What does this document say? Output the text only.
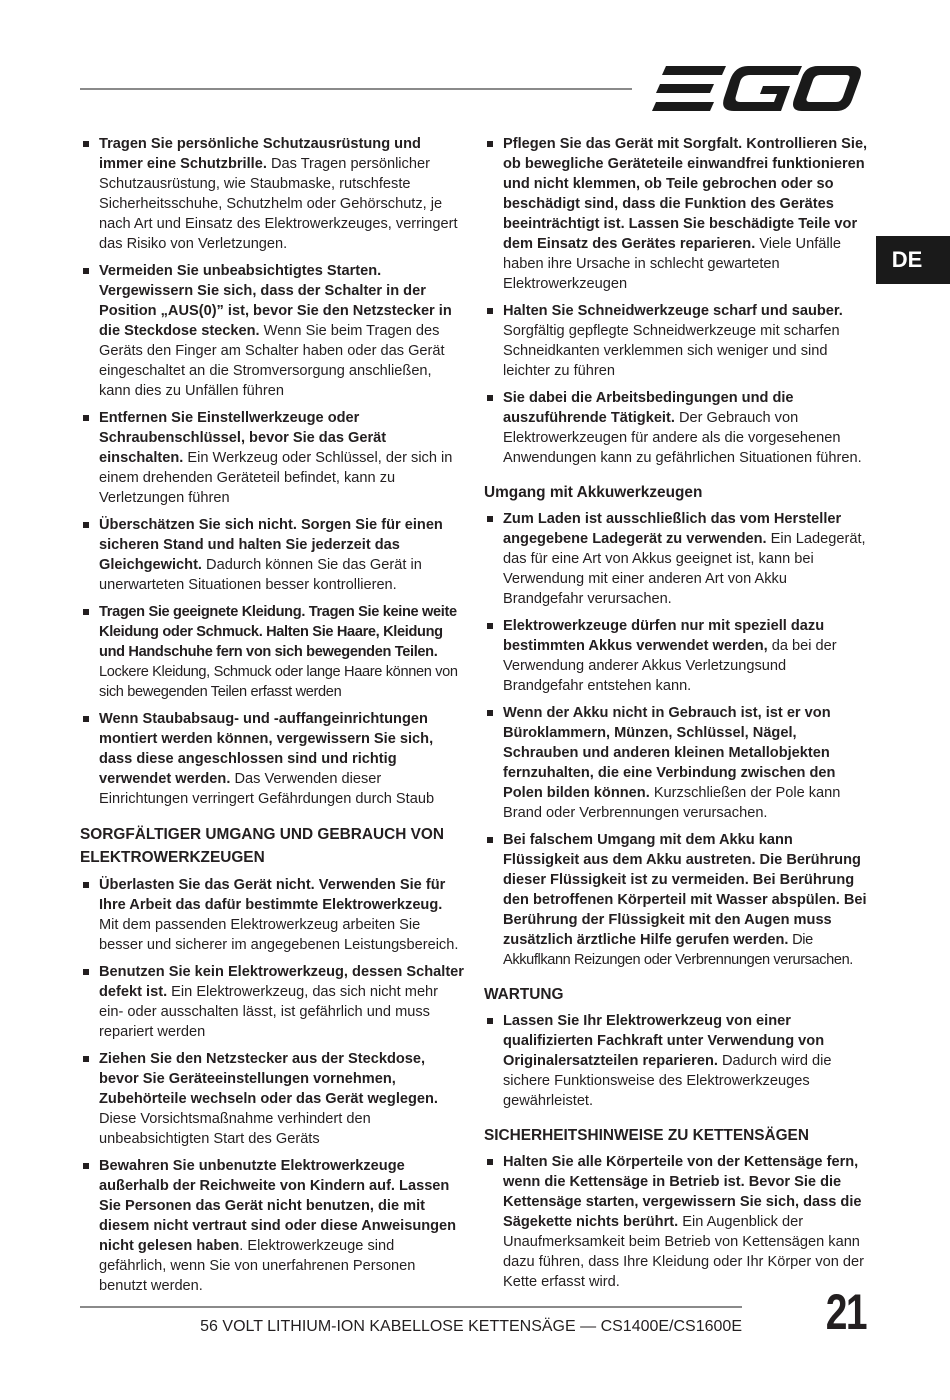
DE
Tragen Sie persönliche Schutzausrüstung und immer eine Schutzbrille. Das Tragen persönlicher Schutzausrüstung, wie Staubmaske, rutschfeste Sicherheitsschuhe, Schutzhelm oder Gehörschutz, je nach Art und Einsatz des Elektrowerkzeuges, verringert das Risiko von Verletzungen.
Vermeiden Sie unbeabsichtigtes Starten. Vergewissern Sie sich, dass der Schalter in der Position „AUS(0)” ist, bevor Sie den Netzstecker in die Steckdose stecken. Wenn Sie beim Tragen des Geräts den Finger am Schalter haben oder das Gerät eingeschaltet an die Stromversorgung anschließen, kann dies zu Unfällen führen
Entfernen Sie Einstellwerkzeuge oder Schraubenschlüssel, bevor Sie das Gerät einschalten. Ein Werkzeug oder Schlüssel, der sich in einem drehenden Geräteteil befindet, kann zu Verletzungen führen
Überschätzen Sie sich nicht. Sorgen Sie für einen sicheren Stand und halten Sie jederzeit das Gleichgewicht. Dadurch können Sie das Gerät in unerwarteten Situationen besser kontrollieren.
Tragen Sie geeignete Kleidung. Tragen Sie keine weite Kleidung oder Schmuck. Halten Sie Haare, Kleidung und Handschuhe fern von sich bewegenden Teilen. Lockere Kleidung, Schmuck oder lange Haare können von sich bewegenden Teilen erfasst werden
Wenn Staubabsaug- und -auffangeinrichtungen montiert werden können, vergewissern Sie sich, dass diese angeschlossen sind und richtig verwendet werden. Das Verwenden dieser Einrichtungen verringert Gefährdungen durch Staub
SORGFÄLTIGER UMGANG UND GEBRAUCH VON ELEKTROWERKZEUGEN
Überlasten Sie das Gerät nicht. Verwenden Sie für Ihre Arbeit das dafür bestimmte Elektrowerkzeug. Mit dem passenden Elektrowerkzeug arbeiten Sie besser und sicherer im angegebenen Leistungsbereich.
Benutzen Sie kein Elektrowerkzeug, dessen Schalter defekt ist. Ein Elektrowerkzeug, das sich nicht mehr ein- oder ausschalten lässt, ist gefährlich und muss repariert werden
Ziehen Sie den Netzstecker aus der Steckdose, bevor Sie Geräteeinstellungen vornehmen, Zubehörteile wechseln oder das Gerät weglegen. Diese Vorsichtsmaßnahme verhindert den unbeabsichtigten Start des Geräts
Bewahren Sie unbenutzte Elektrowerkzeuge außerhalb der Reichweite von Kindern auf. Lassen Sie Personen das Gerät nicht benutzen, die mit diesem nicht vertraut sind oder diese Anweisungen nicht gelesen haben. Elektrowerkzeuge sind gefährlich, wenn Sie von unerfahrenen Personen benutzt werden.
Pflegen Sie das Gerät mit Sorgfalt. Kontrollieren Sie, ob bewegliche Geräteteile einwandfrei funktionieren und nicht klemmen, ob Teile gebrochen oder so beschädigt sind, dass die Funktion des Gerätes beeinträchtigt ist. Lassen Sie beschädigte Teile vor dem Einsatz des Gerätes reparieren. Viele Unfälle haben ihre Ursache in schlecht gewarteten Elektrowerkzeugen
Halten Sie Schneidwerkzeuge scharf und sauber. Sorgfältig gepflegte Schneidwerkzeuge mit scharfen Schneidkanten verklemmen sich weniger und sind leichter zu führen
Sie dabei die Arbeitsbedingungen und die auszuführende Tätigkeit. Der Gebrauch von Elektrowerkzeugen für andere als die vorgesehenen Anwendungen kann zu gefährlichen Situationen führen.
Umgang mit Akkuwerkzeugen
Zum Laden ist ausschließlich das vom Hersteller angegebene Ladegerät zu verwenden. Ein Ladegerät, das für eine Art von Akkus geeignet ist, kann bei Verwendung mit einer anderen Art von Akku Brandgefahr verursachen.
Elektrowerkzeuge dürfen nur mit speziell dazu bestimmten Akkus verwendet werden, da bei der Verwendung anderer Akkus Verletzungsund Brandgefahr entstehen kann.
Wenn der Akku nicht in Gebrauch ist, ist er von Büroklammern, Münzen, Schlüssel, Nägel, Schrauben und anderen kleinen Metallobjekten fernzuhalten, die eine Verbindung zwischen den Polen bilden können. Kurzschließen der Pole kann Brand oder Verbrennungen verursachen.
Bei falschem Umgang mit dem Akku kann Flüssigkeit aus dem Akku austreten. Die Berührung dieser Flüssigkeit ist zu vermeiden. Bei Berührung den betroffenen Körperteil mit Wasser abspülen. Bei Berührung der Flüssigkeit mit den Augen muss zusätzlich ärztliche Hilfe gerufen werden. Die Akkuflkann Reizungen oder Verbrennungen verursachen.
WARTUNG
Lassen Sie Ihr Elektrowerkzeug von einer qualifizierten Fachkraft unter Verwendung von Originalersatzteilen reparieren. Dadurch wird die sichere Funktionsweise des Elektrowerkzeuges gewährleistet.
SICHERHEITSHINWEISE ZU KETTENSÄGEN
Halten Sie alle Körperteile von der Kettensäge fern, wenn die Kettensäge in Betrieb ist. Bevor Sie die Kettensäge starten, vergewissern Sie sich, dass die Sägekette nichts berührt. Ein Augenblick der Unaufmerksamkeit beim Betrieb von Kettensägen kann dazu führen, dass Ihre Kleidung oder Ihr Körper von der Kette erfasst wird.
56 VOLT LITHIUM-ION KABELLOSE KETTENSÄGE — CS1400E/CS1600E 21
